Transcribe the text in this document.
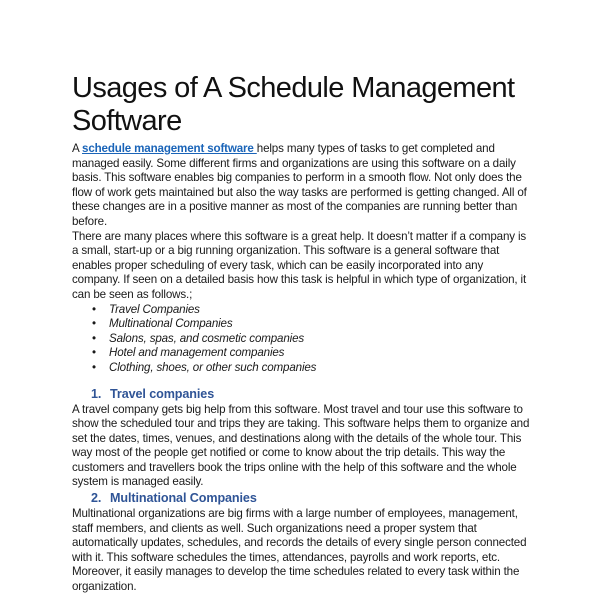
Usages of A Schedule Management Software

A schedule management software helps many types of tasks to get completed and managed easily. Some different firms and organizations are using this software on a daily basis. This software enables big companies to perform in a smooth flow. Not only does the flow of work gets maintained but also the way tasks are performed is getting changed. All of these changes are in a positive manner as most of the companies are running better than before.

There are many places where this software is a great help. It doesn’t matter if a company is a small, start-up or a big running organization. This software is a general software that enables proper scheduling of every task, which can be easily incorporated into any company. If seen on a detailed basis how this task is helpful in which type of organization, it can be seen as follows.;

• Travel Companies
• Multinational Companies
• Salons, spas, and cosmetic companies
• Hotel and management companies
• Clothing, shoes, or other such companies
1. Travel companies

A travel company gets big help from this software. Most travel and tour use this software to show the scheduled tour and trips they are taking. This software helps them to organize and set the dates, times, venues, and destinations along with the details of the whole tour. This way most of the people get notified or come to know about the trip details. This way the customers and travellers book the trips online with the help of this software and the whole system is managed easily.

2. Multinational Companies

Multinational organizations are big firms with a large number of employees, management, staff members, and clients as well. Such organizations need a proper system that automatically updates, schedules, and records the details of every single person connected with it. This software schedules the times, attendances, payrolls and work reports, etc. Moreover, it easily manages to develop the time schedules related to every task within the organization.
